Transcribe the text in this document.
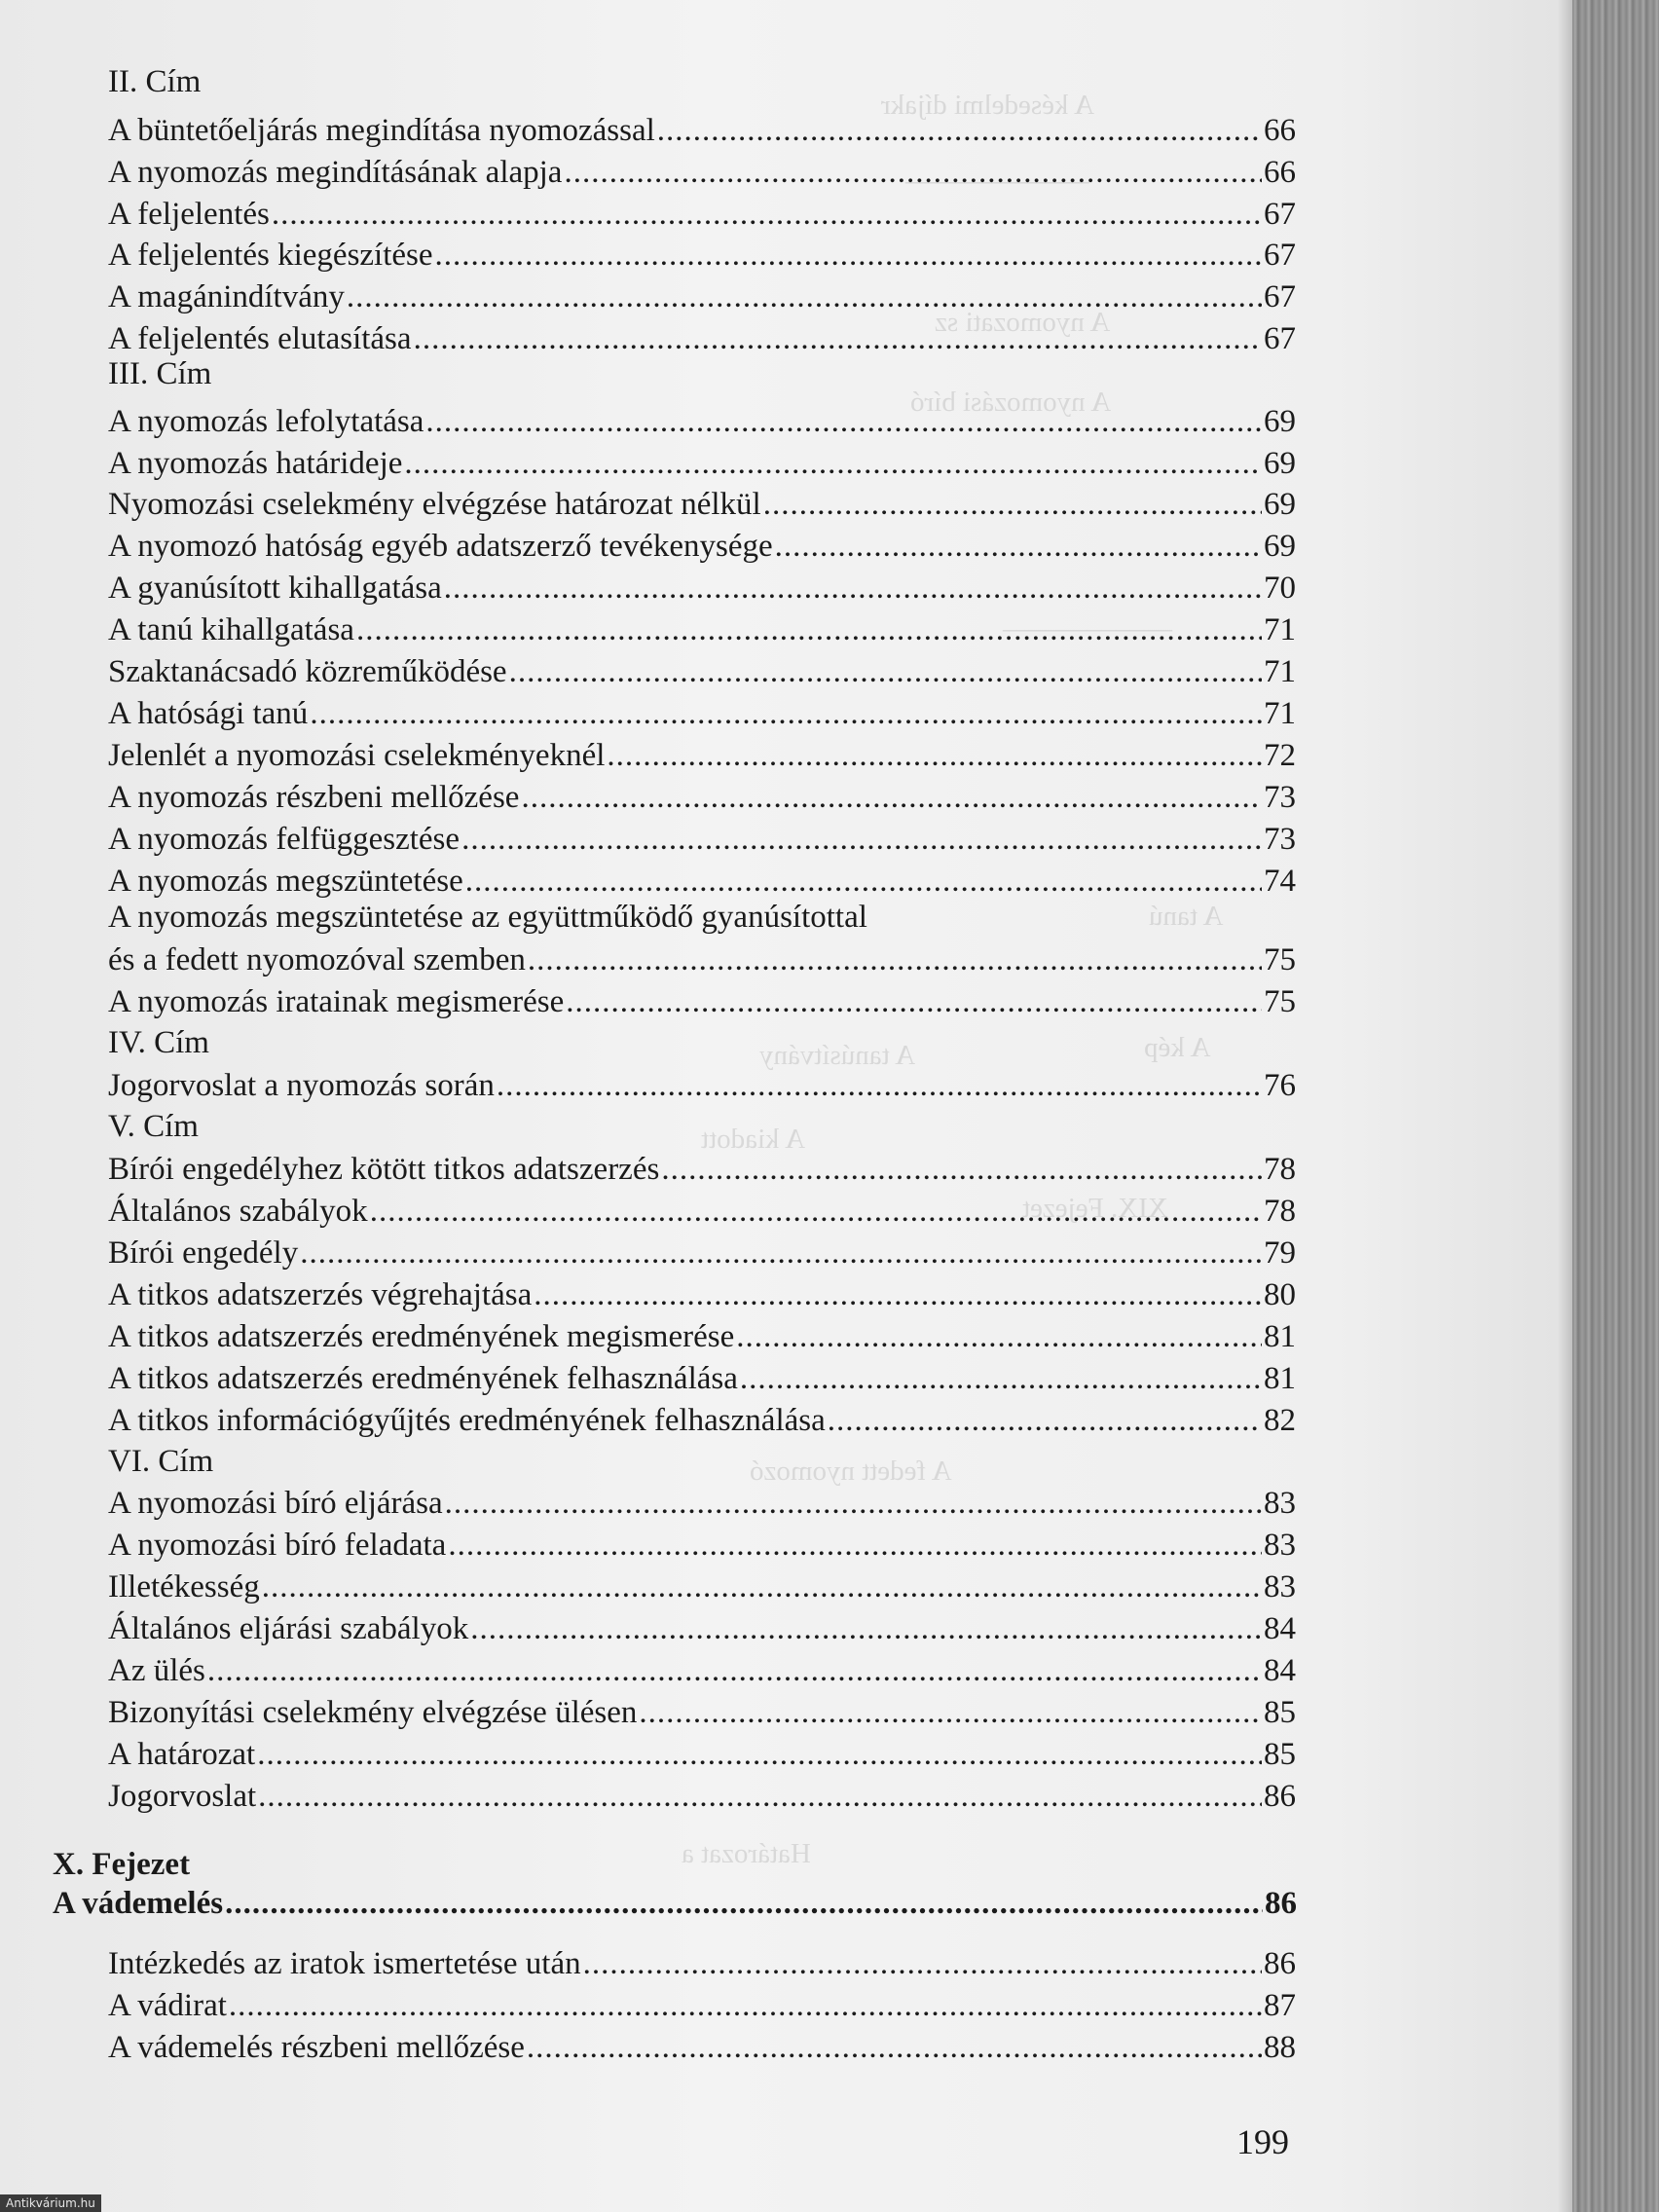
A késedelmi díjakr
_____________
A nyomozati sz
A nyomozási bíró
____________
A tanú
A kép
A tanúsítvány
A kiadott
XIX. Fejezet
A fedett nyomozó
Határozat a
II. Cím
A büntetőeljárás megindítása nyomozással .....	66
A nyomozás megindításának alapja .....	66
A feljelentés .....	67
A feljelentés kiegészítése .....	67
A magánindítvány .....	67
A feljelentés elutasítása .....	67
III. Cím
A nyomozás lefolytatása .....	69
A nyomozás határideje .....	69
Nyomozási cselekmény elvégzése határozat nélkül .....	69
A nyomozó hatóság egyéb adatszerző tevékenysége .....	69
A gyanúsított kihallgatása .....	70
A tanú kihallgatása .....	71
Szaktanácsadó közreműködése .....	71
A hatósági tanú .....	71
Jelenlét a nyomozási cselekményeknél .....	72
A nyomozás részbeni mellőzése .....	73
A nyomozás felfüggesztése .....	73
A nyomozás megszüntetése .....	74
A nyomozás megszüntetése az együttműködő gyanúsítottal
és a fedett nyomozóval szemben .....	75
A nyomozás iratainak megismerése .....	75
IV. Cím
Jogorvoslat a nyomozás során .....	76
V. Cím
Bírói engedélyhez kötött titkos adatszerzés .....	78
Általános szabályok .....	78
Bírói engedély .....	79
A titkos adatszerzés végrehajtása .....	80
A titkos adatszerzés eredményének megismerése .....	81
A titkos adatszerzés eredményének felhasználása .....	81
A titkos információgyűjtés eredményének felhasználása .....	82
VI. Cím
A nyomozási bíró eljárása .....	83
A nyomozási bíró feladata .....	83
Illetékesség .....	83
Általános eljárási szabályok .....	84
Az ülés .....	84
Bizonyítási cselekmény elvégzése ülésen .....	85
A határozat .....	85
Jogorvoslat .....	86
X. Fejezet
A vádemelés .....	86
Intézkedés az iratok ismertetése után .....	86
A vádirat .....	87
A vádemelés részbeni mellőzése .....	88
199
Antikvárium.hu
